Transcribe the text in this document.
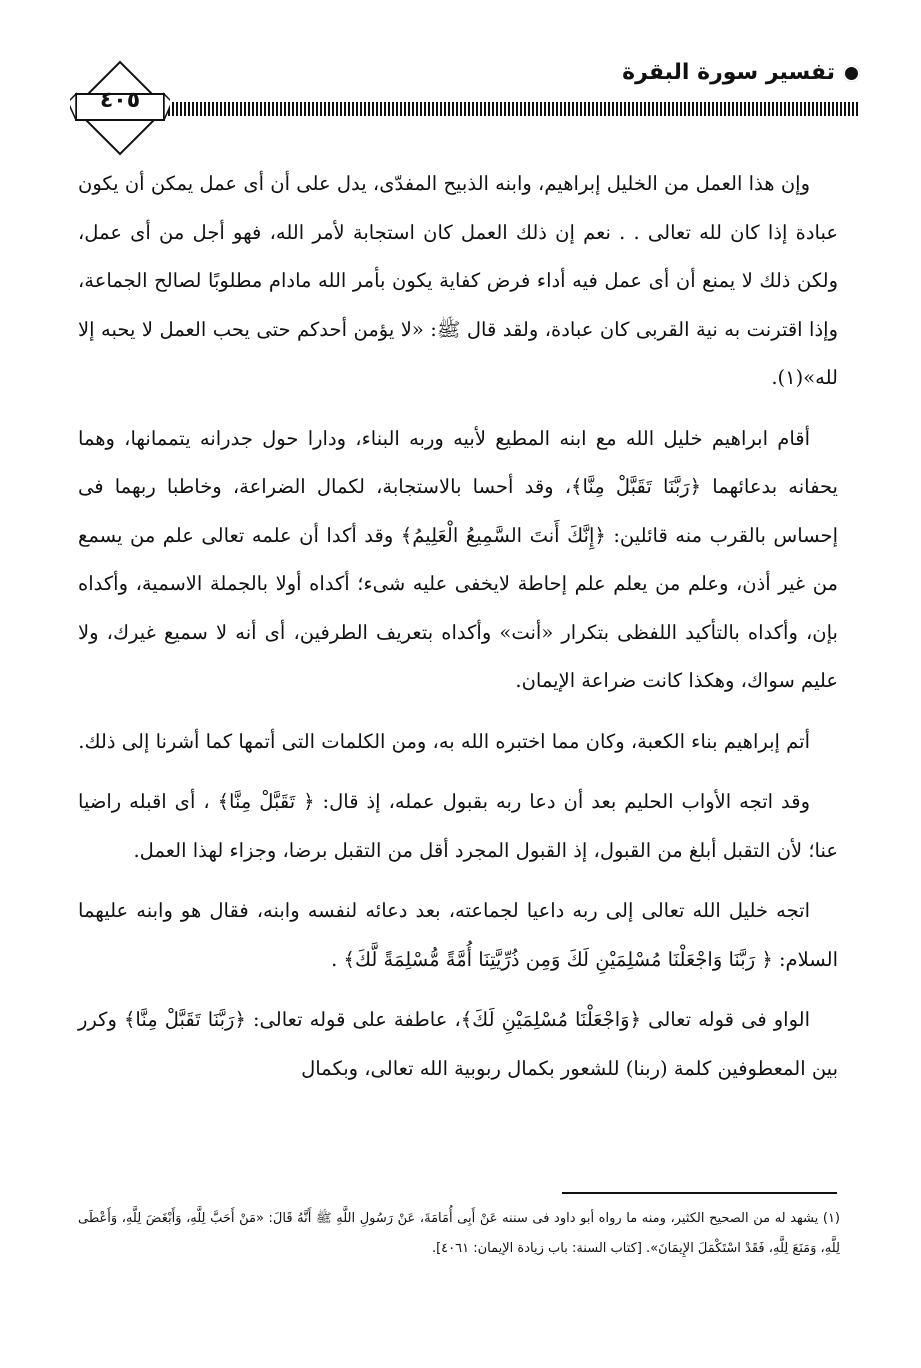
تفسير سورة البقرة
٤٠٥

وإن هذا العمل من الخليل إبراهيم، وابنه الذبيح المفدّى، يدل على أن أى عمل يمكن أن يكون عبادة إذا كان لله تعالى . . نعم إن ذلك العمل كان استجابة لأمر الله، فهو أجل من أى عمل، ولكن ذلك لا يمنع أن أى عمل فيه أداء فرض كفاية يكون بأمر الله مادام مطلوبًا لصالح الجماعة، وإذا اقترنت به نية القربى كان عبادة، ولقد قال ﷺ: «لا يؤمن أحدكم حتى يحب العمل لا يحبه إلا لله»(١).

أقام ابراهيم خليل الله مع ابنه المطيع لأبيه وربه البناء، ودارا حول جدرانه يتممانها، وهما يحفانه بدعائهما ﴿رَبَّنَا تَقَبَّلْ مِنَّا﴾، وقد أحسا بالاستجابة، لكمال الضراعة، وخاطبا ربهما فى إحساس بالقرب منه قائلين: ﴿إِنَّكَ أَنتَ السَّمِيعُ الْعَلِيمُ﴾ وقد أكدا أن علمه تعالى علم من يسمع من غير أذن، وعلم من يعلم علم إحاطة لايخفى عليه شىء؛ أكداه أولا بالجملة الاسمية، وأكداه بإن، وأكداه بالتأكيد اللفظى بتكرار «أنت» وأكداه بتعريف الطرفين، أى أنه لا سميع غيرك، ولا عليم سواك، وهكذا كانت ضراعة الإيمان.

أتم إبراهيم بناء الكعبة، وكان مما اختبره الله به، ومن الكلمات التى أتمها كما أشرنا إلى ذلك.

وقد اتجه الأواب الحليم بعد أن دعا ربه بقبول عمله، إذ قال: ﴿ تَقَبَّلْ مِنَّا﴾ ، أى اقبله راضيا عنا؛ لأن التقبل أبلغ من القبول، إذ القبول المجرد أقل من التقبل برضا، وجزاء لهذا العمل.

اتجه خليل الله تعالى إلى ربه داعيا لجماعته، بعد دعائه لنفسه وابنه، فقال هو وابنه عليهما السلام: ﴿ رَبَّنَا وَاجْعَلْنَا مُسْلِمَيْنِ لَكَ وَمِن ذُرِّيَّتِنَا أُمَّةً مُّسْلِمَةً لَّكَ﴾ .

الواو فى قوله تعالى ﴿وَاجْعَلْنَا مُسْلِمَيْنِ لَكَ﴾، عاطفة على قوله تعالى: ﴿رَبَّنَا تَقَبَّلْ مِنَّا﴾ وكرر بين المعطوفين كلمة (ربنا) للشعور بكمال ربوبية الله تعالى، وبكمال

(١) يشهد له من الصحيح الكثير، ومنه ما رواه أبو داود فى سننه عَنْ أَبِى أُمَامَةَ، عَنْ رَسُولِ اللَّهِ ﷺ أَنَّهُ قَالَ: «مَنْ أَحَبَّ لِلَّهِ، وَأَبْغَضَ لِلَّهِ، وَأَعْطَى لِلَّهِ، وَمَنَعَ لِلَّهِ، فَقَدْ اسْتَكْمَلَ الإِيمَانَ». [كتاب السنة: باب زيادة الإيمان: ٤٠٦١].
